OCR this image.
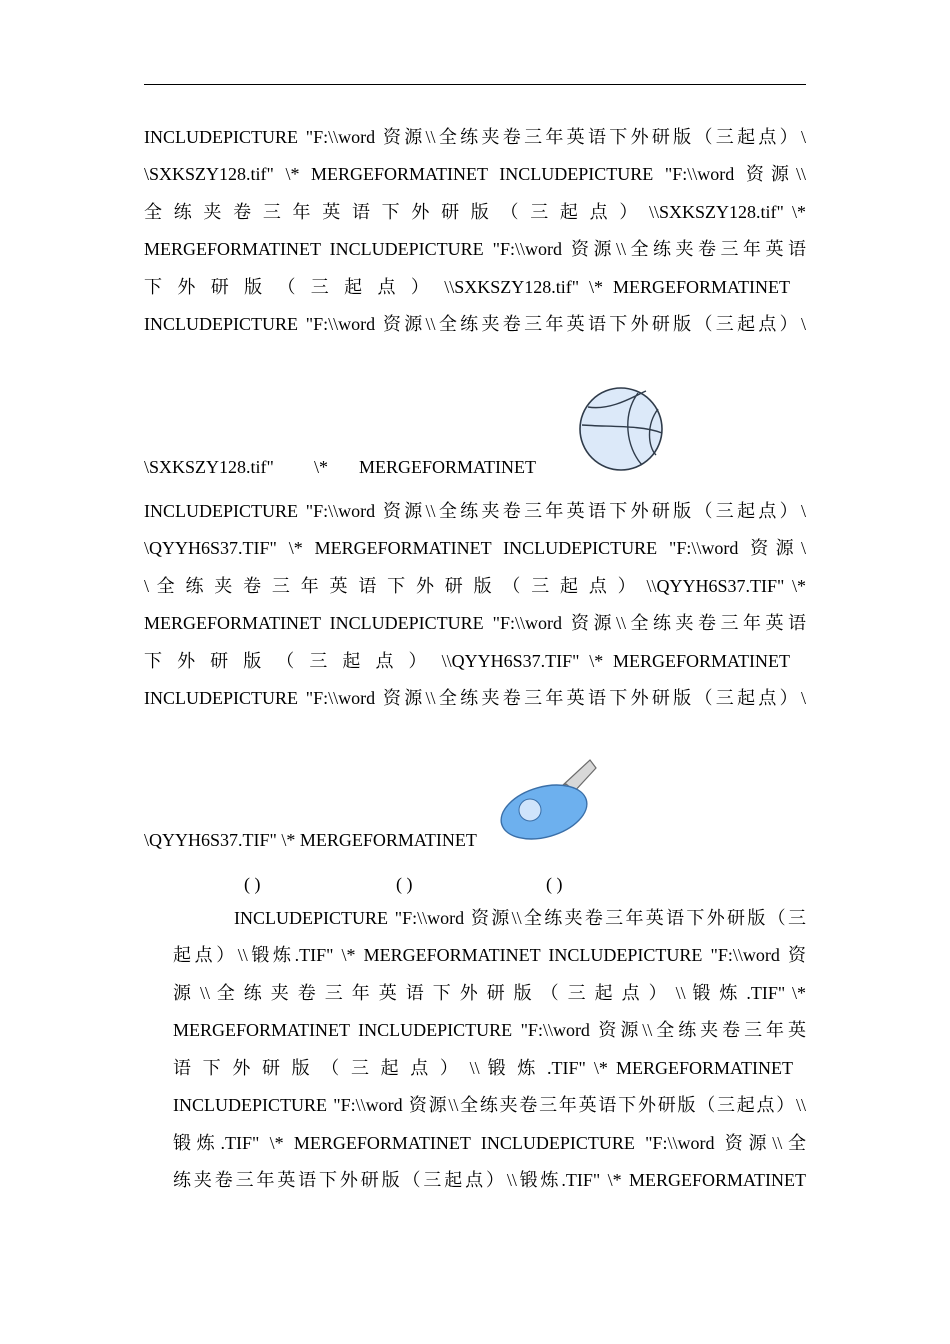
INCLUDEPICTURE "F:\\word 资源\\全练夹卷三年英语下外研版（三起点）\
\SXKSZY128.tif" \* MERGEFORMATINET INCLUDEPICTURE "F:\\word 资源\\
全 练 夹 卷 三 年 英 语 下 外 研 版 （ 三 起 点 ） \\SXKSZY128.tif" \*
MERGEFORMATINET INCLUDEPICTURE "F:\\word 资源\\全练夹卷三年英语
下 外 研 版 （ 三 起 点 ） \\SXKSZY128.tif" \* MERGEFORMATINET
INCLUDEPICTURE "F:\\word 资源\\全练夹卷三年英语下外研版（三起点）\
\SXKSZY128.tif" \* MERGEFORMATINET
INCLUDEPICTURE "F:\\word 资源\\全练夹卷三年英语下外研版（三起点）\
\QYYH6S37.TIF" \* MERGEFORMATINET INCLUDEPICTURE "F:\\word 资源\
\ 全 练 夹 卷 三 年 英 语 下 外 研 版 （ 三 起 点 ） \\QYYH6S37.TIF" \*
MERGEFORMATINET INCLUDEPICTURE "F:\\word 资源\\全练夹卷三年英语
下 外 研 版 （ 三 起 点 ） \\QYYH6S37.TIF" \* MERGEFORMATINET
INCLUDEPICTURE "F:\\word 资源\\全练夹卷三年英语下外研版（三起点）\
\QYYH6S37.TIF" \* MERGEFORMATINET
( )	( )	( )
INCLUDEPICTURE "F:\\word 资源\\全练夹卷三年英语下外研版（三
起点）\\锻炼.TIF" \* MERGEFORMATINET INCLUDEPICTURE "F:\\word 资
源 \\ 全 练 夹 卷 三 年 英 语 下 外 研 版 （ 三 起 点 ） \\ 锻 炼 .TIF" \*
MERGEFORMATINET INCLUDEPICTURE "F:\\word 资源\\全练夹卷三年英
语 下 外 研 版 （ 三 起 点 ） \\ 锻 炼 .TIF" \* MERGEFORMATINET
INCLUDEPICTURE "F:\\word 资源\\全练夹卷三年英语下外研版（三起点）\\
锻炼.TIF" \* MERGEFORMATINET INCLUDEPICTURE "F:\\word 资源\\全
练夹卷三年英语下外研版（三起点）\\锻炼.TIF" \* MERGEFORMATINET
